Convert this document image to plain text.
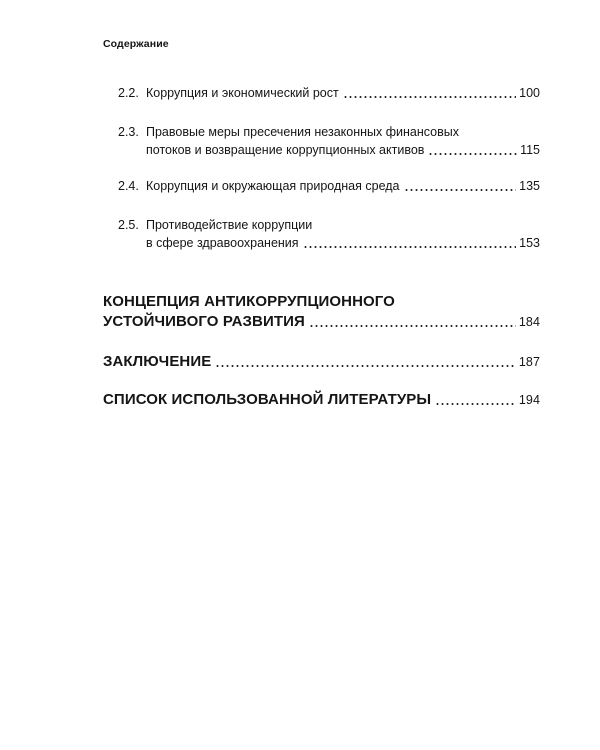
Содержание
2.2. Коррупция и экономический рост	100
2.3. Правовые меры пресечения незаконных финансовых
потоков и возвращение коррупционных активов	115
2.4. Коррупция и окружающая природная среда	135
2.5. Противодействие коррупции
в сфере здравоохранения	153
КОНЦЕПЦИЯ АНТИКОРРУПЦИОННОГО
УСТОЙЧИВОГО РАЗВИТИЯ	184
ЗАКЛЮЧЕНИЕ	187
СПИСОК ИСПОЛЬЗОВАННОЙ ЛИТЕРАТУРЫ	194
